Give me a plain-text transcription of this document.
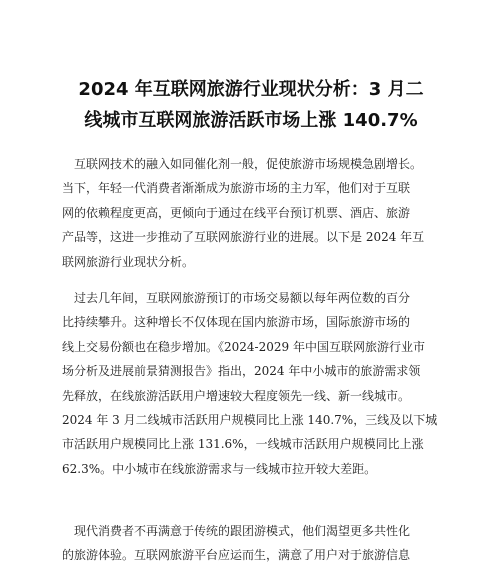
2024 年互联网旅游行业现状分析：3 月二
线城市互联网旅游活跃市场上涨 140.7%

　互联网技术的融入如同催化剂一般，促使旅游市场规模急剧增长。
当下，年轻一代消费者渐渐成为旅游市场的主力军，他们对于互联
网的依赖程度更高，更倾向于通过在线平台预订机票、酒店、旅游
产品等，这进一步推动了互联网旅游行业的进展。以下是 2024 年互
联网旅游行业现状分析。

　过去几年间，互联网旅游预订的市场交易额以每年两位数的百分
比持续攀升。这种增长不仅体现在国内旅游市场，国际旅游市场的
线上交易份额也在稳步增加。《2024-2029 年中国互联网旅游行业市
场分析及进展前景猜测报告》指出，2024 年中小城市的旅游需求领
先释放，在线旅游活跃用户增速较大程度领先一线、新一线城市。
2024 年 3 月二线城市活跃用户规模同比上涨 140.7%，三线及以下城
市活跃用户规模同比上涨 131.6%，一线城市活跃用户规模同比上涨
62.3%。中小城市在线旅游需求与一线城市拉开较大差距。

　现代消费者不再满意于传统的跟团游模式，他们渴望更多共性化
的旅游体验。互联网旅游平台应运而生，满意了用户对于旅游信息
